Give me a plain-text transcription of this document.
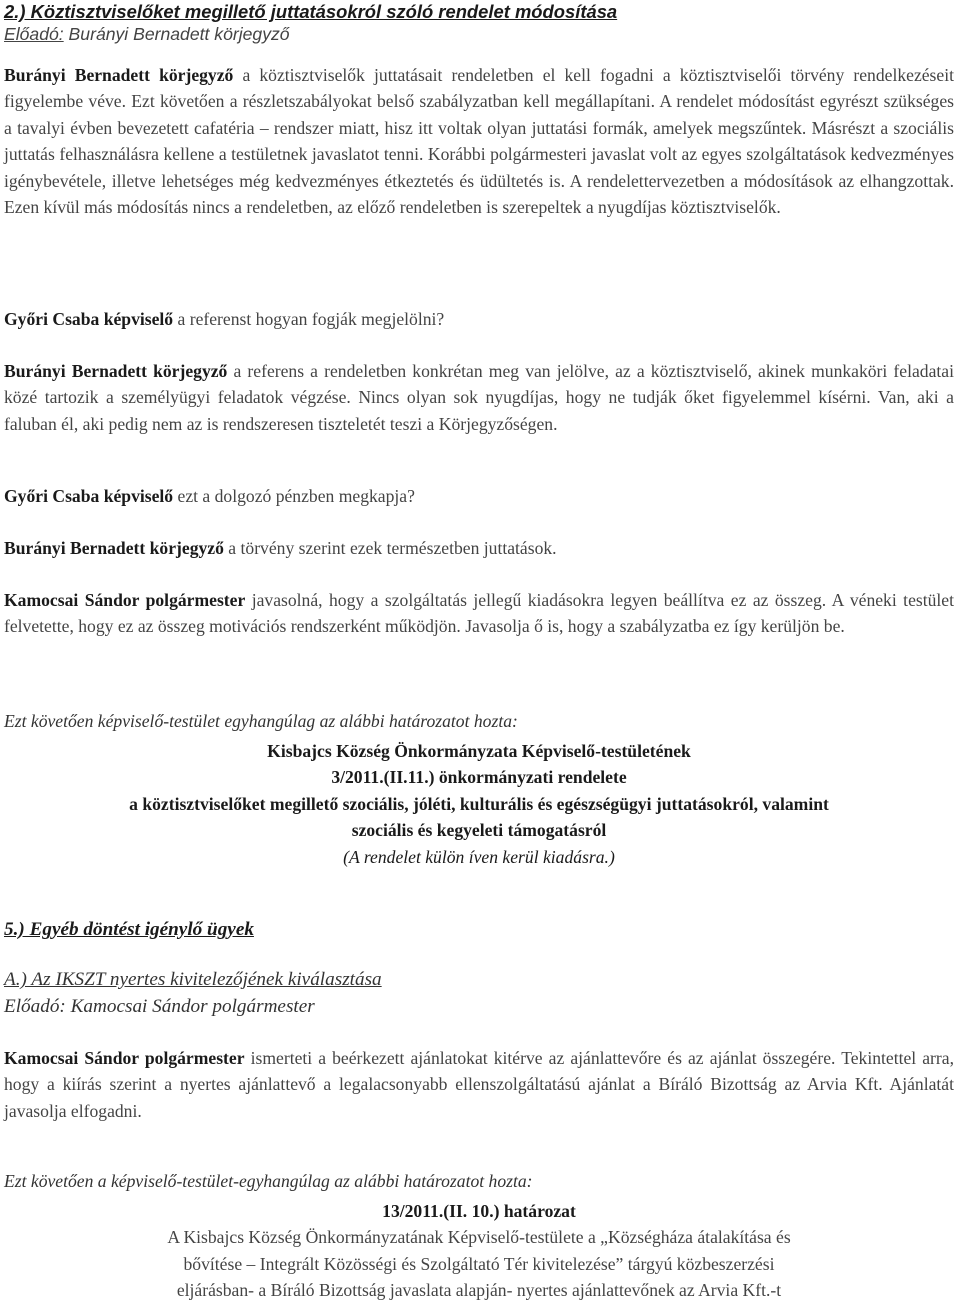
2.) Köztisztviselőket megillető juttatásokról szóló rendelet módosítása
Előadó: Burányi Bernadett körjegyző

Burányi Bernadett körjegyző a köztisztviselők juttatásait rendeletben el kell fogadni a köztisztviselői törvény rendelkezéseit figyelembe véve. Ezt követően a részletszabályokat belső szabályzatban kell megállapítani. A rendelet módosítást egyrészt szükséges a tavalyi évben bevezetett cafatéria – rendszer miatt, hisz itt voltak olyan juttatási formák, amelyek megszűntek. Másrészt a szociális juttatás felhasználásra kellene a testületnek javaslatot tenni. Korábbi polgármesteri javaslat volt az egyes szolgáltatások kedvezményes igénybevétele, illetve lehetséges még kedvezményes étkeztetés és üdültetés is. A rendelettervezetben a módosítások az elhangzottak. Ezen kívül más módosítás nincs a rendeletben, az előző rendeletben is szerepeltek a nyugdíjas köztisztviselők.

Győri Csaba képviselő a referenst hogyan fogják megjelölni?

Burányi Bernadett körjegyző a referens a rendeletben konkrétan meg van jelölve, az a köztisztviselő, akinek munkaköri feladatai közé tartozik a személyügyi feladatok végzése. Nincs olyan sok nyugdíjas, hogy ne tudják őket figyelemmel kísérni. Van, aki a faluban él, aki pedig nem az is rendszeresen tiszteletét teszi a Körjegyzőségen.

Győri Csaba képviselő ezt a dolgozó pénzben megkapja?

Burányi Bernadett körjegyző a törvény szerint ezek természetben juttatások.

Kamocsai Sándor polgármester javasolná, hogy a szolgáltatás jellegű kiadásokra legyen beállítva ez az összeg. A véneki testület felvetette, hogy ez az összeg motivációs rendszerként működjön. Javasolja ő is, hogy a szabályzatba ez így kerüljön be.

Ezt követően képviselő-testület egyhangúlag az alábbi határozatot hozta:

Kisbajcs Község Önkormányzata Képviselő-testületének
3/2011.(II.11.) önkormányzati rendelete
a köztisztviselőket megillető szociális, jóléti, kulturális és egészségügyi juttatásokról, valamint
szociális és kegyeleti támogatásról
(A rendelet külön íven kerül kiadásra.)
5.) Egyéb döntést igénylő ügyek
A.) Az IKSZT nyertes kivitelezőjének kiválasztása
Előadó: Kamocsai Sándor polgármester

Kamocsai Sándor polgármester ismerteti a beérkezett ajánlatokat kitérve az ajánlattevőre és az ajánlat összegére. Tekintettel arra, hogy a kiírás szerint a nyertes ajánlattevő a legalacsonyabb ellenszolgáltatású ajánlat a Bíráló Bizottság az Arvia Kft. Ajánlatát javasolja elfogadni.

Ezt követően a képviselő-testület-egyhangúlag az alábbi határozatot hozta:

13/2011.(II. 10.) határozat
A Kisbajcs Község Önkormányzatának Képviselő-testülete a „Községháza átalakítása és
bővítése – Integrált Közösségi és Szolgáltató Tér kivitelezése” tárgyú közbeszerzési
eljárásban- a Bíráló Bizottság javaslata alapján- nyertes ajánlattevőnek az Arvia Kft.-t
